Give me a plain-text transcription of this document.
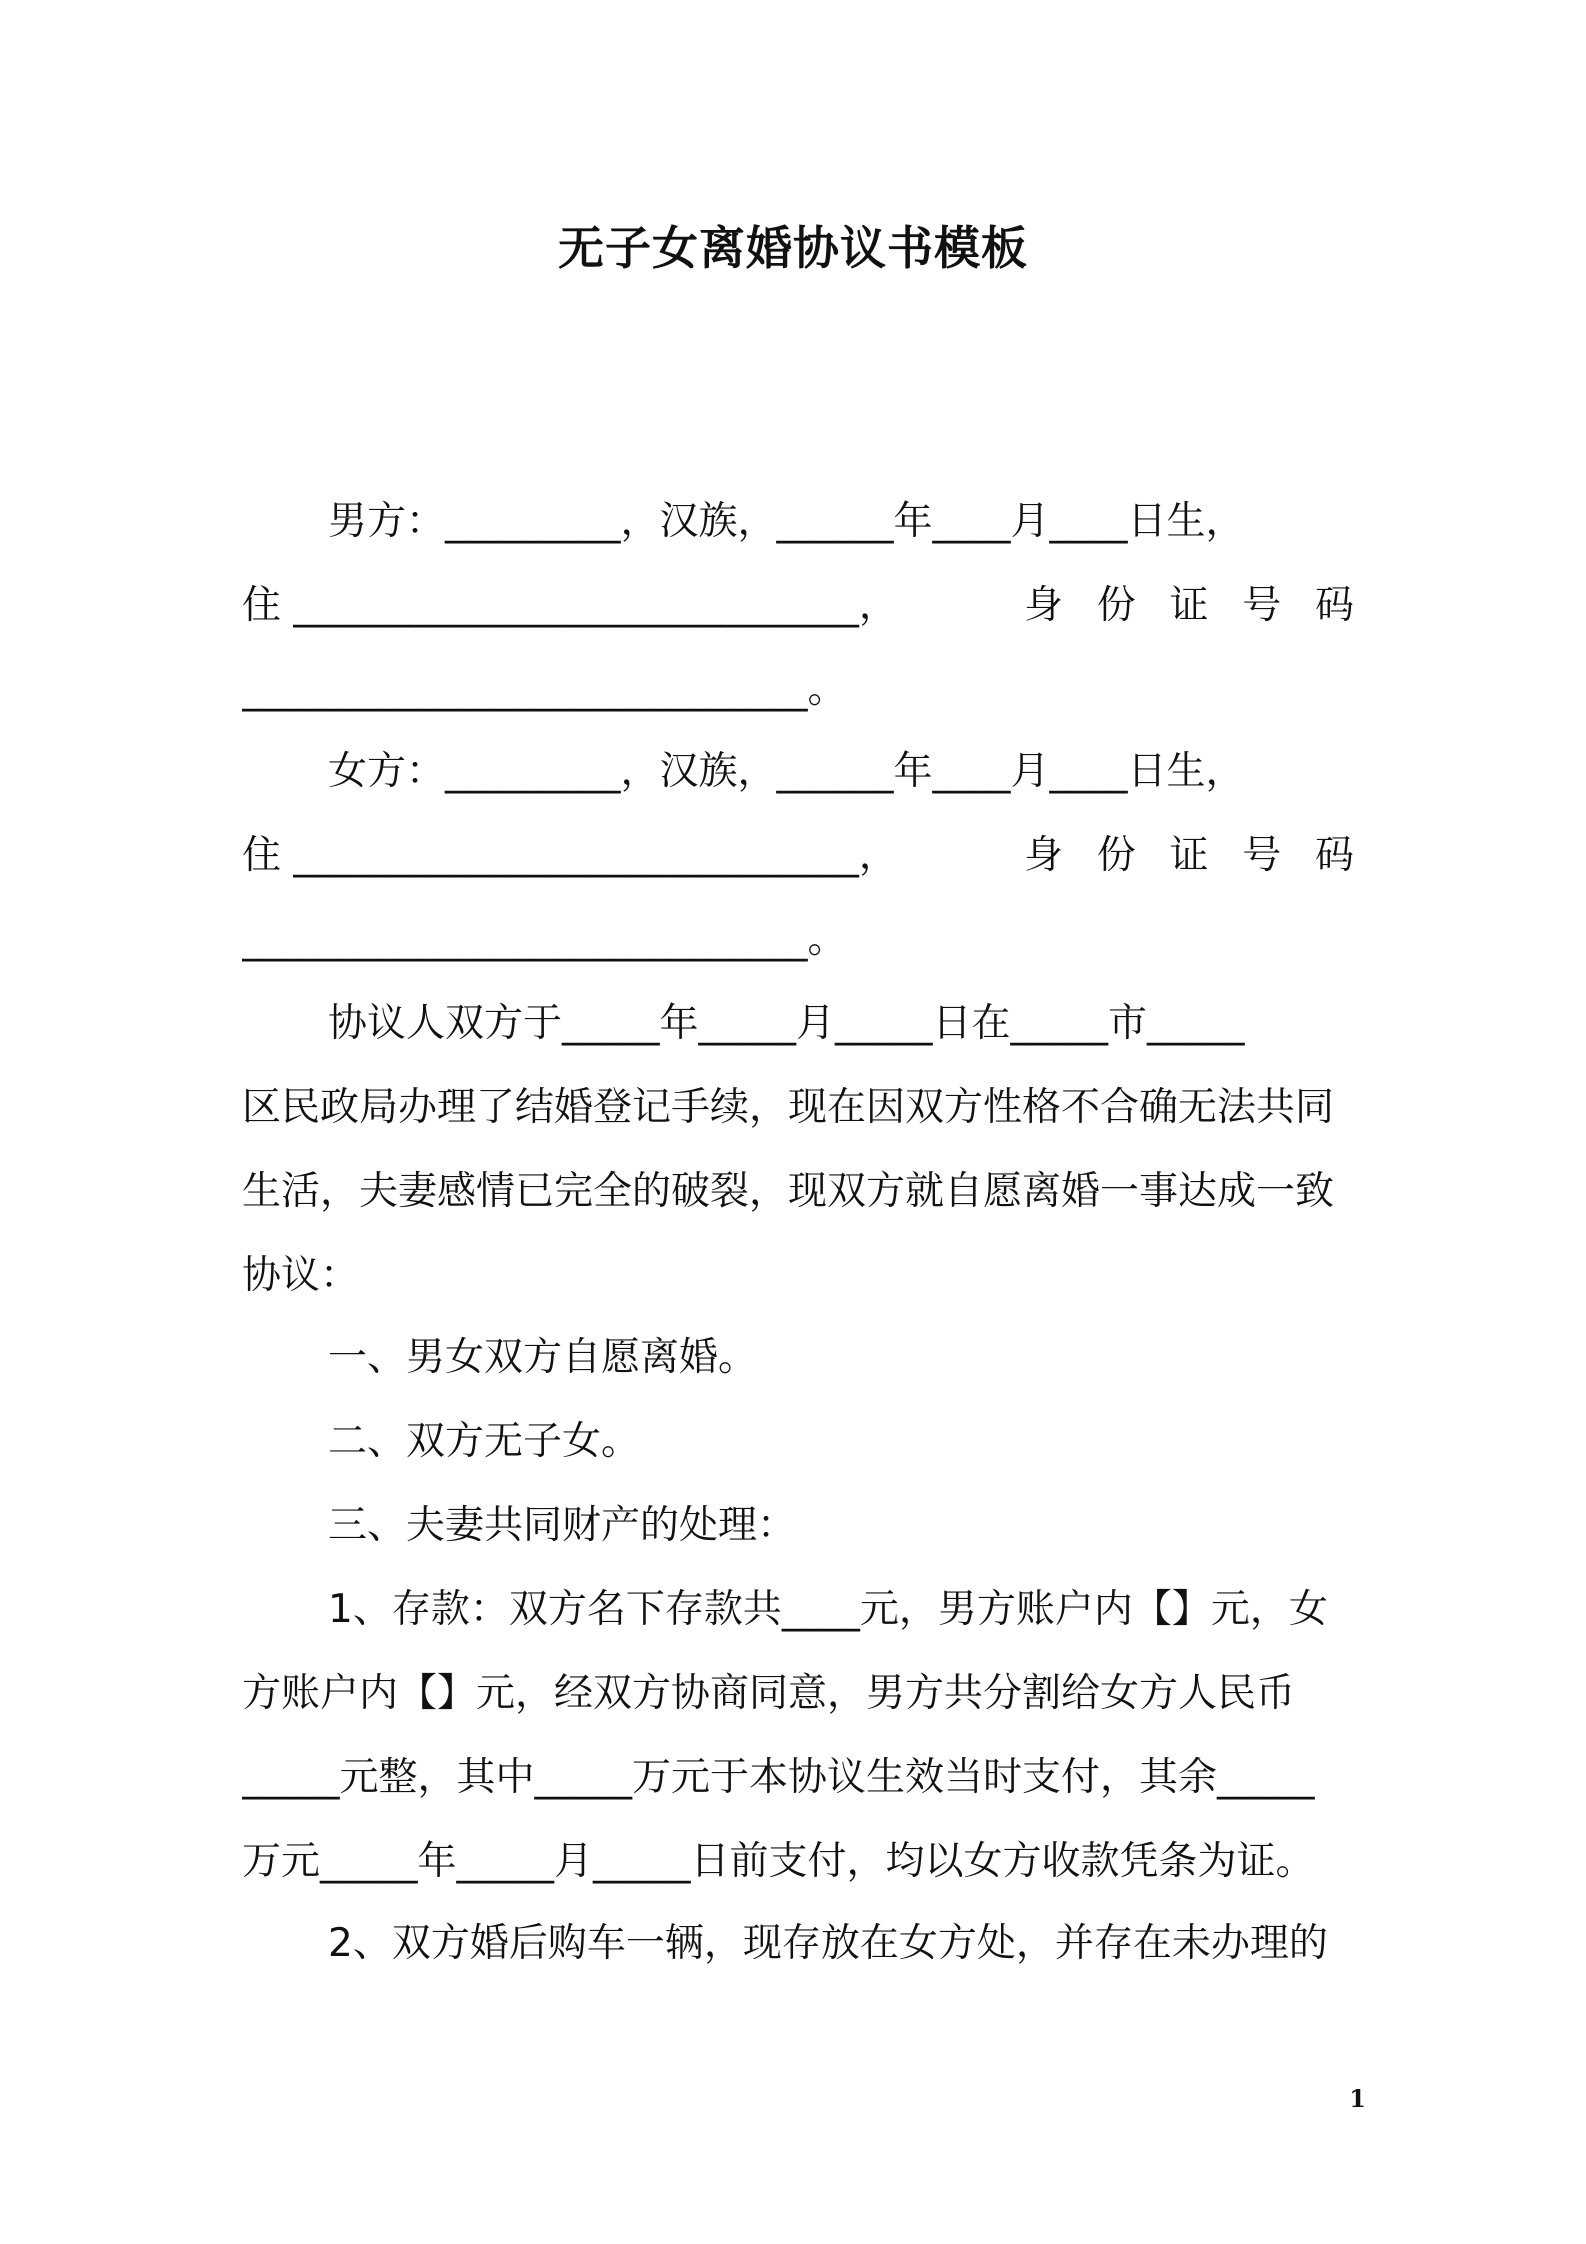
无子女离婚协议书模板
男方：_________，汉族，______年____月____日生，
住 _____________________________，	身 份 证 号 码
_____________________________。
女方：_________，汉族，______年____月____日生，
住 _____________________________，	身 份 证 号 码
_____________________________。
协议人双方于_____年_____月_____日在_____市_____
区民政局办理了结婚登记手续，现在因双方性格不合确无法共同
生活，夫妻感情已完全的破裂，现双方就自愿离婚一事达成一致
协议：
一、男女双方自愿离婚。
二、双方无子女。
三、夫妻共同财产的处理：
1、存款：双方名下存款共____元，男方账户内【】元，女
方账户内【】元，经双方协商同意，男方共分割给女方人民币
_____元整，其中_____万元于本协议生效当时支付，其余_____
万元_____年_____月_____日前支付，均以女方收款凭条为证。
2、双方婚后购车一辆，现存放在女方处，并存在未办理的
1
